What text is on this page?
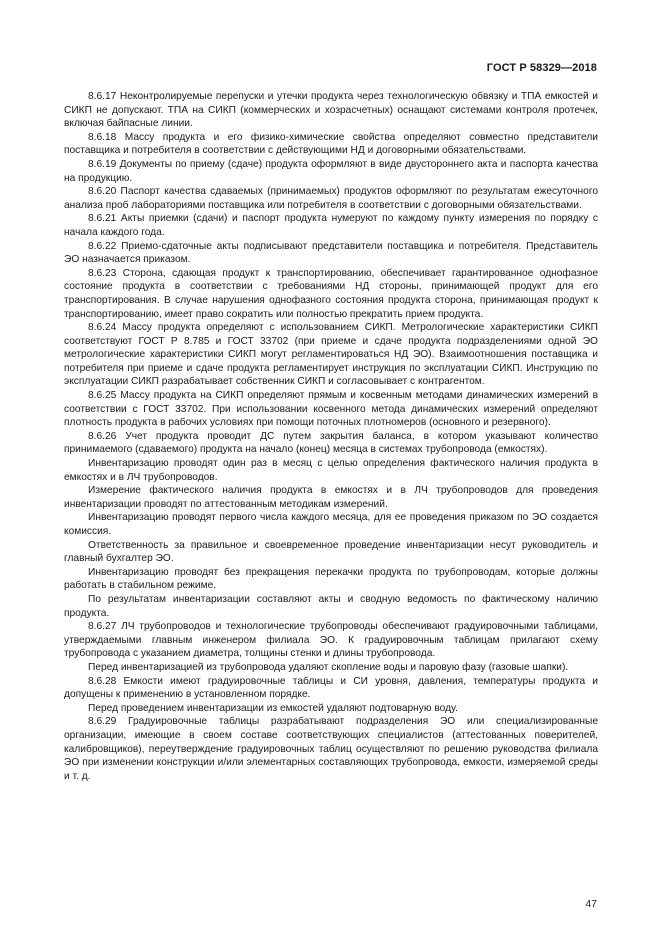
ГОСТ Р 58329—2018

8.6.17 Неконтролируемые перепуски и утечки продукта через технологическую обвязку и ТПА емкостей и СИКП не допускают. ТПА на СИКП (коммерческих и хозрасчетных) оснащают системами контроля протечек, включая байпасные линии.

8.6.18 Массу продукта и его физико-химические свойства определяют совместно представители поставщика и потребителя в соответствии с действующими НД и договорными обязательствами.

8.6.19 Документы по приему (сдаче) продукта оформляют в виде двустороннего акта и паспорта качества на продукцию.

8.6.20 Паспорт качества сдаваемых (принимаемых) продуктов оформляют по результатам ежесуточного анализа проб лабораториями поставщика или потребителя в соответствии с договорными обязательствами.

8.6.21 Акты приемки (сдачи) и паспорт продукта нумеруют по каждому пункту измерения по порядку с начала каждого года.

8.6.22 Приемо-сдаточные акты подписывают представители поставщика и потребителя. Представитель ЭО назначается приказом.

8.6.23 Сторона, сдающая продукт к транспортированию, обеспечивает гарантированное однофазное состояние продукта в соответствии с требованиями НД стороны, принимающей продукт для его транспортирования. В случае нарушения однофазного состояния продукта сторона, принимающая продукт к транспортированию, имеет право сократить или полностью прекратить прием продукта.

8.6.24 Массу продукта определяют с использованием СИКП. Метрологические характеристики СИКП соответствуют ГОСТ Р 8.785 и ГОСТ 33702 (при приеме и сдаче продукта подразделениями одной ЭО метрологические характеристики СИКП могут регламентироваться НД ЭО). Взаимоотношения поставщика и потребителя при приеме и сдаче продукта регламентирует инструкция по эксплуатации СИКП. Инструкцию по эксплуатации СИКП разрабатывает собственник СИКП и согласовывает с контрагентом.

8.6.25 Массу продукта на СИКП определяют прямым и косвенным методами динамических измерений в соответствии с ГОСТ 33702. При использовании косвенного метода динамических измерений определяют плотность продукта в рабочих условиях при помощи поточных плотномеров (основного и резервного).

8.6.26 Учет продукта проводит ДС путем закрытия баланса, в котором указывают количество принимаемого (сдаваемого) продукта на начало (конец) месяца в системах трубопровода (емкостях).

Инвентаризацию проводят один раз в месяц с целью определения фактического наличия продукта в емкостях и в ЛЧ трубопроводов.

Измерение фактического наличия продукта в емкостях и в ЛЧ трубопроводов для проведения инвентаризации проводят по аттестованным методикам измерений.

Инвентаризацию проводят первого числа каждого месяца, для ее проведения приказом по ЭО создается комиссия.

Ответственность за правильное и своевременное проведение инвентаризации несут руководитель и главный бухгалтер ЭО.

Инвентаризацию проводят без прекращения перекачки продукта по трубопроводам, которые должны работать в стабильном режиме.

По результатам инвентаризации составляют акты и сводную ведомость по фактическому наличию продукта.

8.6.27 ЛЧ трубопроводов и технологические трубопроводы обеспечивают градуировочными таблицами, утверждаемыми главным инженером филиала ЭО. К градуировочным таблицам прилагают схему трубопровода с указанием диаметра, толщины стенки и длины трубопровода.

Перед инвентаризацией из трубопровода удаляют скопление воды и паровую фазу (газовые шапки).

8.6.28 Емкости имеют градуировочные таблицы и СИ уровня, давления, температуры продукта и допущены к применению в установленном порядке.

Перед проведением инвентаризации из емкостей удаляют подтоварную воду.

8.6.29 Градуировочные таблицы разрабатывают подразделения ЭО или специализированные организации, имеющие в своем составе соответствующих специалистов (аттестованных поверителей, калибровщиков), переутверждение градуировочных таблиц осуществляют по решению руководства филиала ЭО при изменении конструкции и/или элементарных составляющих трубопровода, емкости, измеряемой среды и т. д.

47
